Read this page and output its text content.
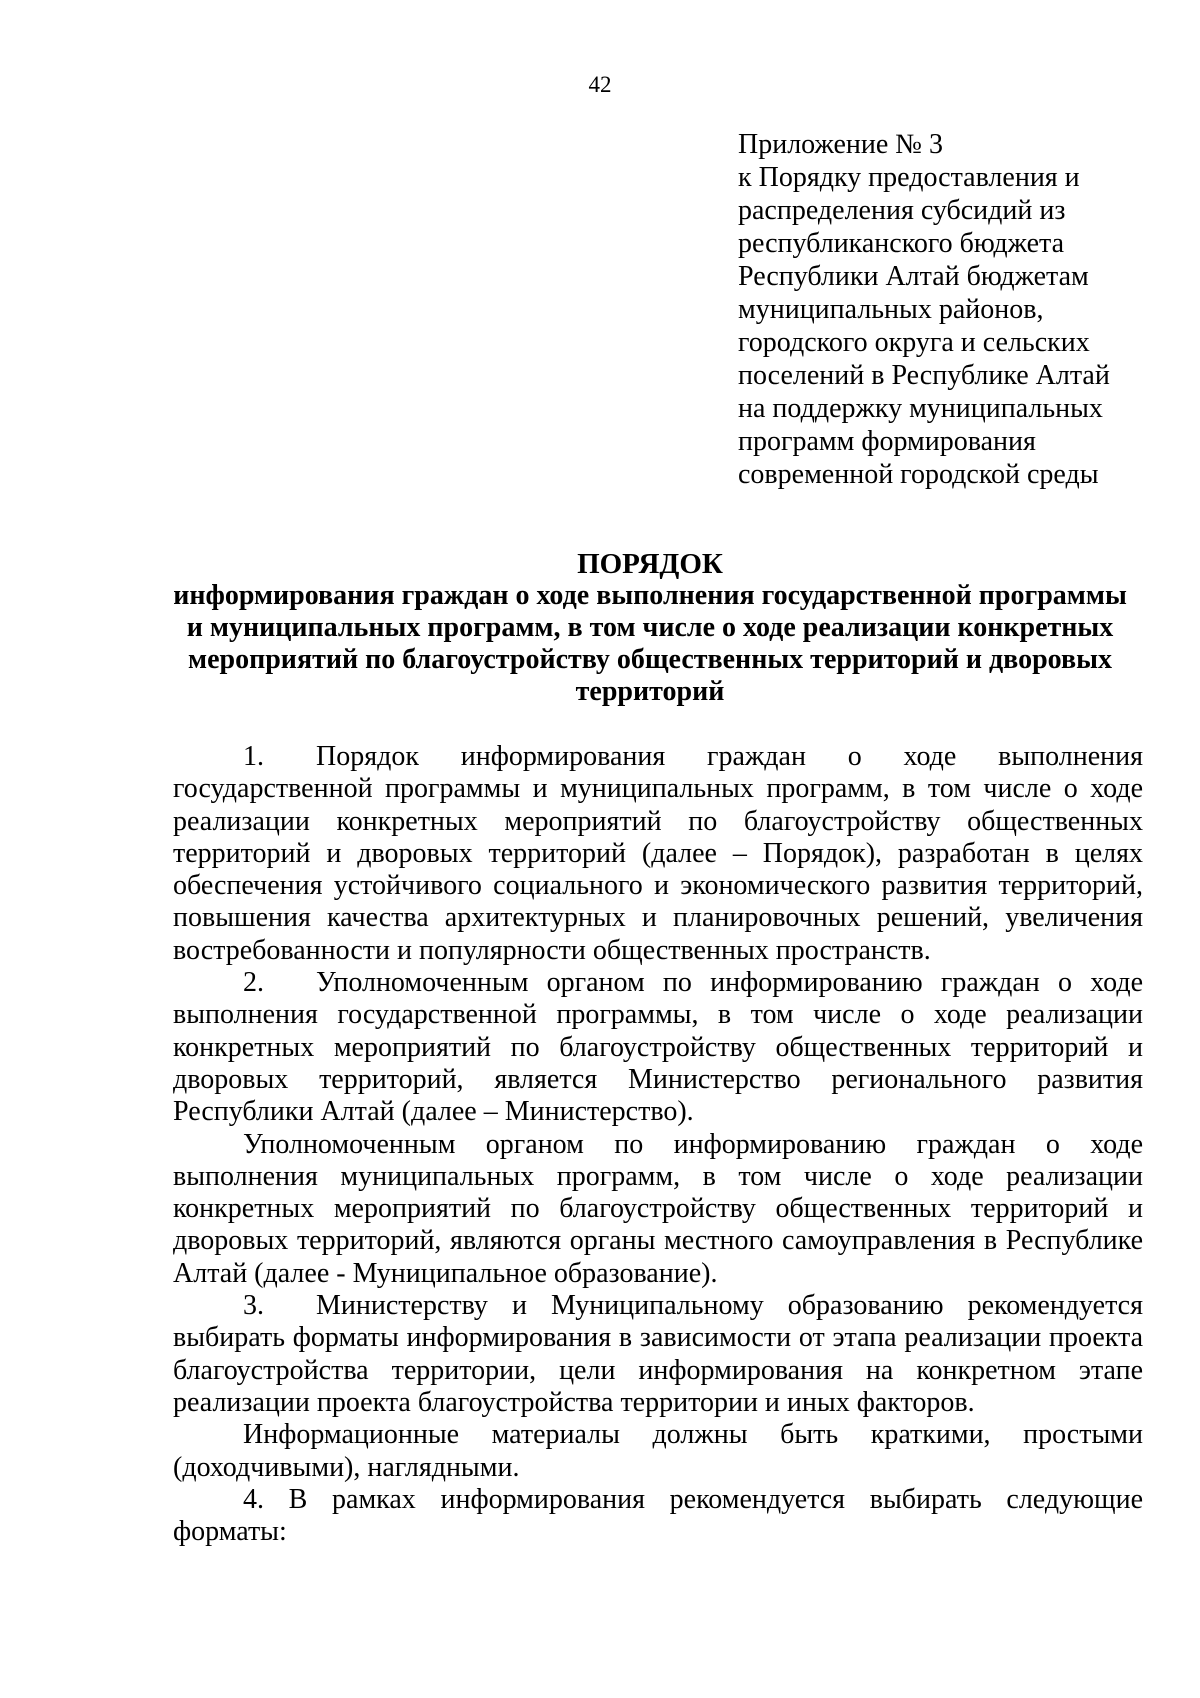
42
Приложение № 3
к Порядку предоставления и
распределения субсидий из
республиканского бюджета
Республики Алтай бюджетам
муниципальных районов,
городского округа и сельских
поселений в Республике Алтай
на поддержку муниципальных
программ формирования
современной городской среды
ПОРЯДОК
информирования граждан о ходе выполнения государственной программы
и муниципальных программ, в том числе о ходе реализации конкретных
мероприятий по благоустройству общественных территорий и дворовых
территорий

1. Порядок информирования граждан о ходе выполнения государственной программы и муниципальных программ, в том числе о ходе реализации конкретных мероприятий по благоустройству общественных территорий и дворовых территорий (далее – Порядок), разработан в целях обеспечения устойчивого социального и экономического развития территорий, повышения качества архитектурных и планировочных решений, увеличения востребованности и популярности общественных пространств.

2. Уполномоченным органом по информированию граждан о ходе выполнения государственной программы, в том числе о ходе реализации конкретных мероприятий по благоустройству общественных территорий и дворовых территорий, является Министерство регионального развития Республики Алтай (далее – Министерство).

Уполномоченным органом по информированию граждан о ходе выполнения муниципальных программ, в том числе о ходе реализации конкретных мероприятий по благоустройству общественных территорий и дворовых территорий, являются органы местного самоуправления в Республике Алтай (далее - Муниципальное образование).

3. Министерству и Муниципальному образованию рекомендуется выбирать форматы информирования в зависимости от этапа реализации проекта благоустройства территории, цели информирования на конкретном этапе реализации проекта благоустройства территории и иных факторов.

Информационные материалы должны быть краткими, простыми (доходчивыми), наглядными.

4. В рамках информирования рекомендуется выбирать следующие форматы:
